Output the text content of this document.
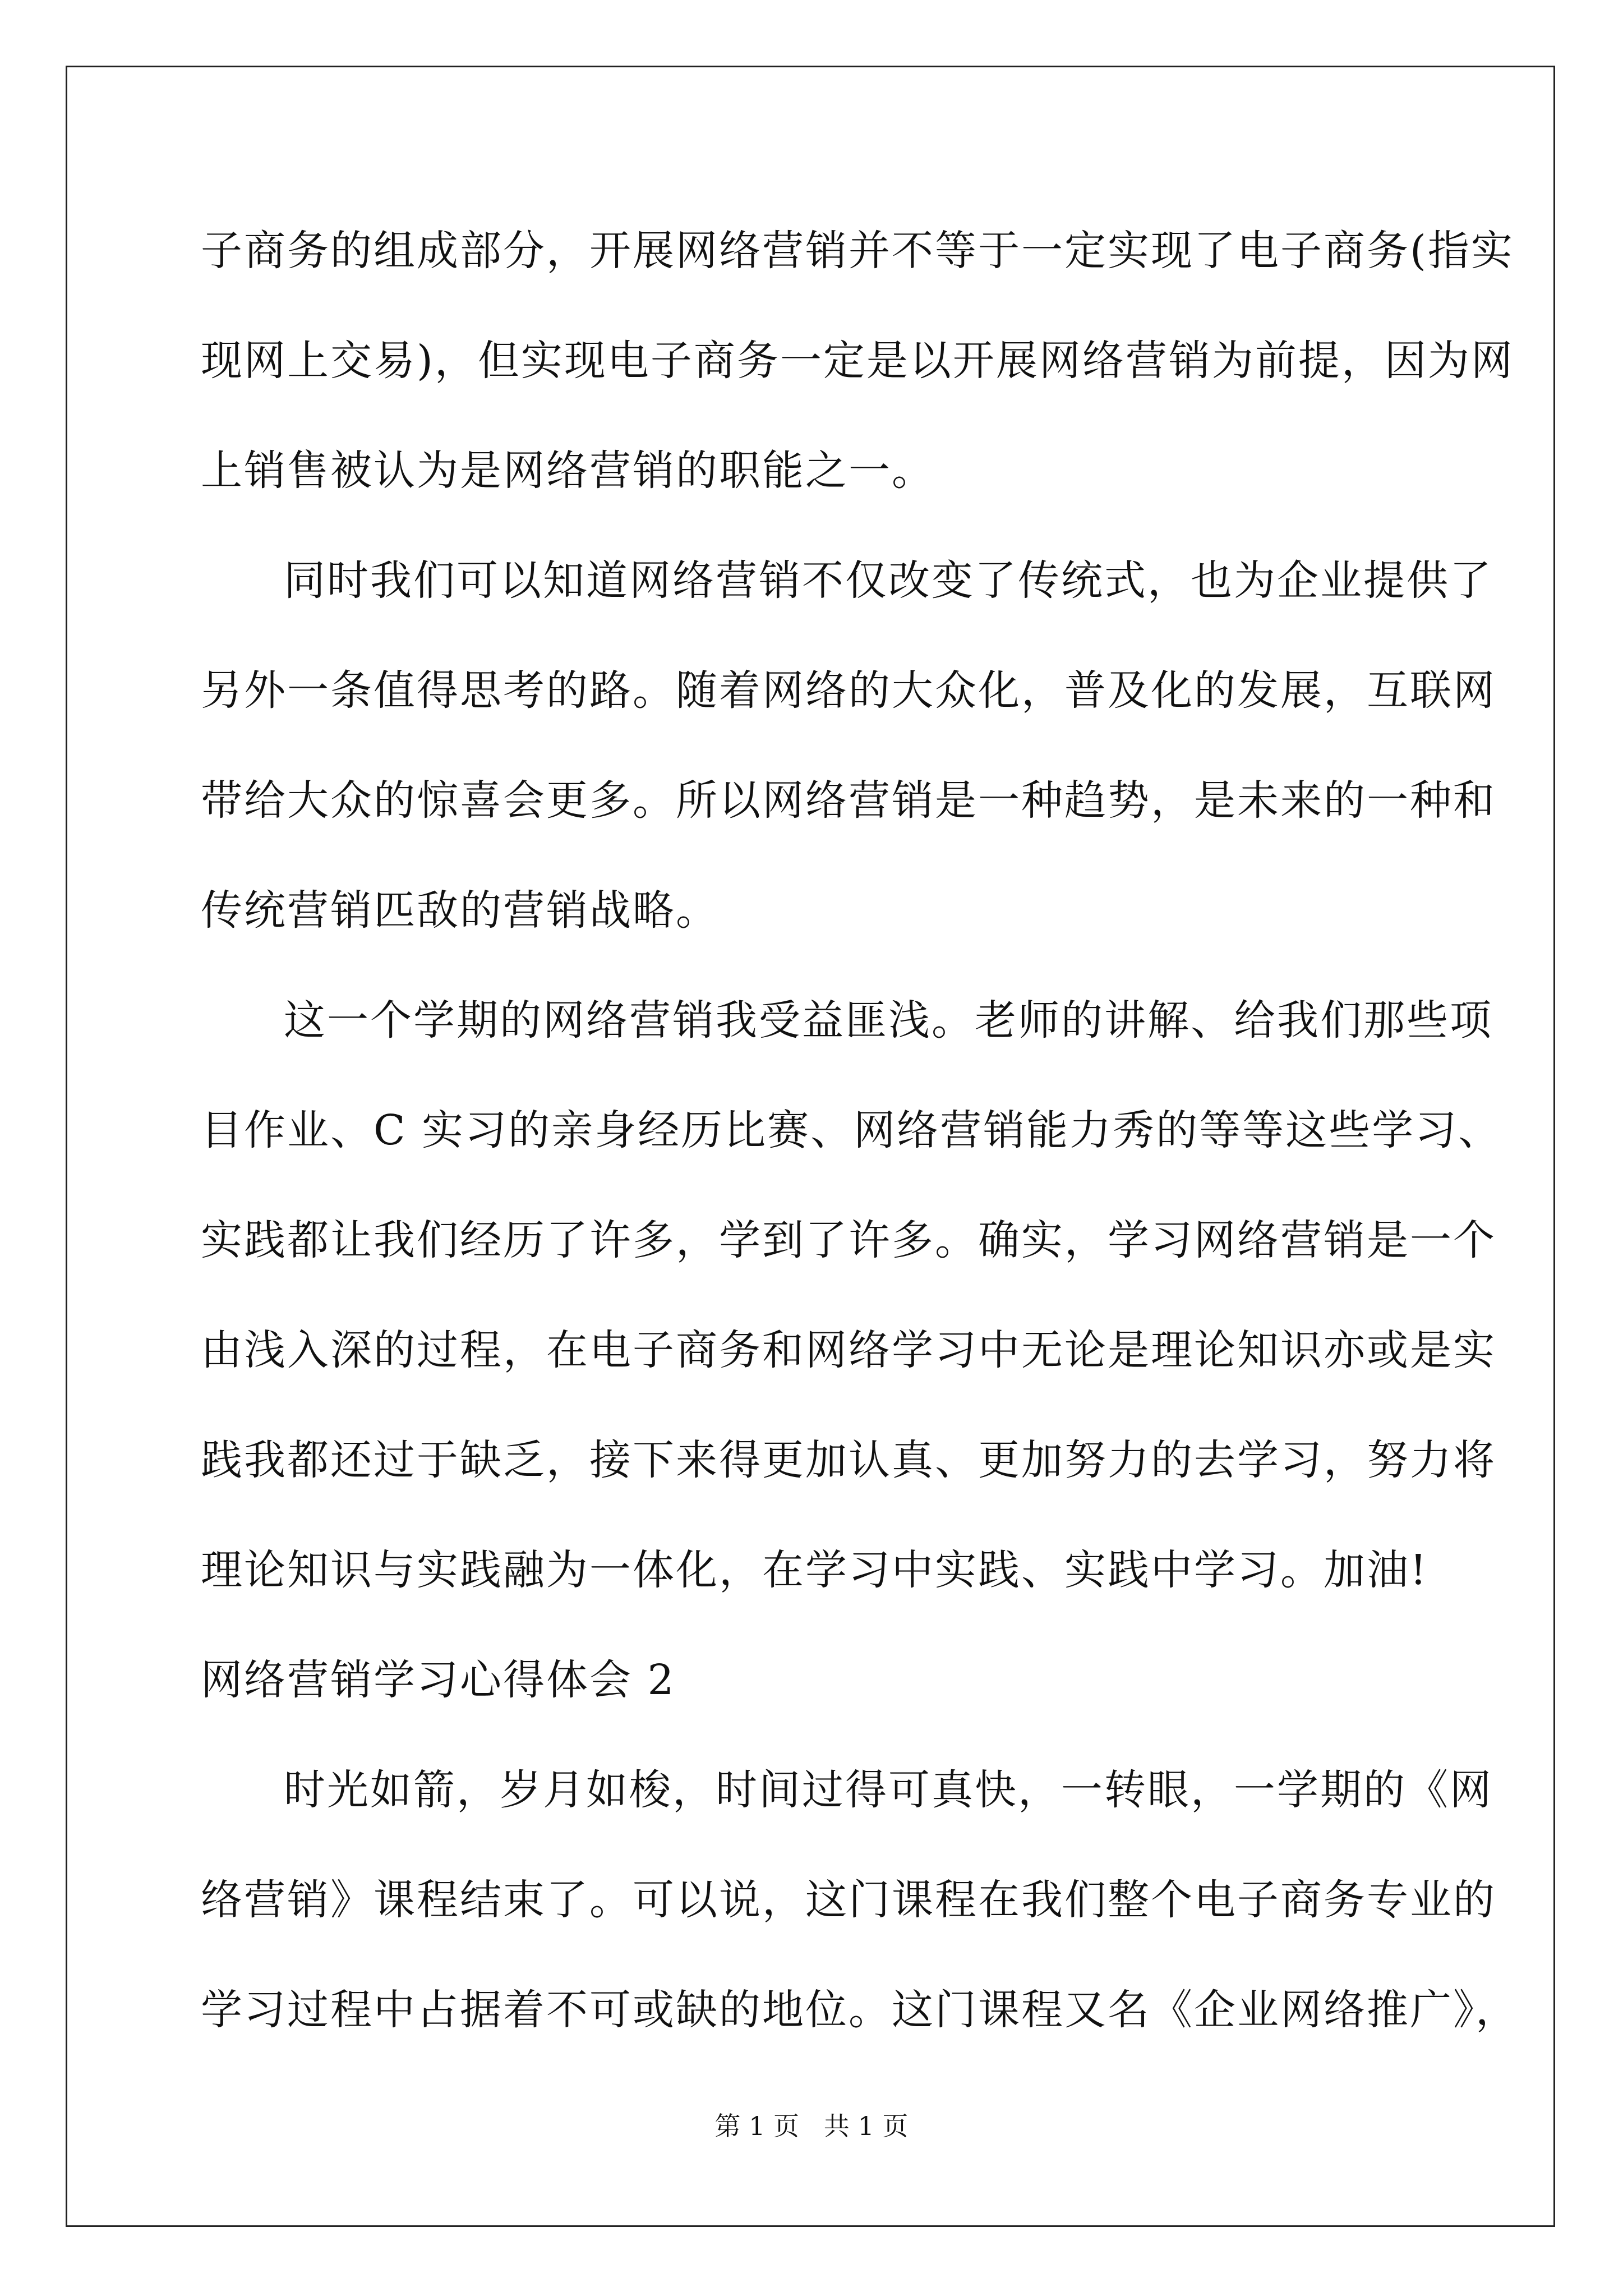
子商务的组成部分，开展网络营销并不等于一定实现了电子商务(指实
现网上交易)，但实现电子商务一定是以开展网络营销为前提，因为网
上销售被认为是网络营销的职能之一。
同时我们可以知道网络营销不仅改变了传统式，也为企业提供了
另外一条值得思考的路。随着网络的大众化，普及化的发展，互联网
带给大众的惊喜会更多。所以网络营销是一种趋势，是未来的一种和
传统营销匹敌的营销战略。
这一个学期的网络营销我受益匪浅。老师的讲解、给我们那些项
目作业、C 实习的亲身经历比赛、网络营销能力秀的等等这些学习、
实践都让我们经历了许多，学到了许多。确实，学习网络营销是一个
由浅入深的过程，在电子商务和网络学习中无论是理论知识亦或是实
践我都还过于缺乏，接下来得更加认真、更加努力的去学习，努力将
理论知识与实践融为一体化，在学习中实践、实践中学习。加油!
网络营销学习心得体会 2
时光如箭，岁月如梭，时间过得可真快，一转眼，一学期的《网
络营销》课程结束了。可以说，这门课程在我们整个电子商务专业的
学习过程中占据着不可或缺的地位。这门课程又名《企业网络推广》，
第 1 页   共 1 页
